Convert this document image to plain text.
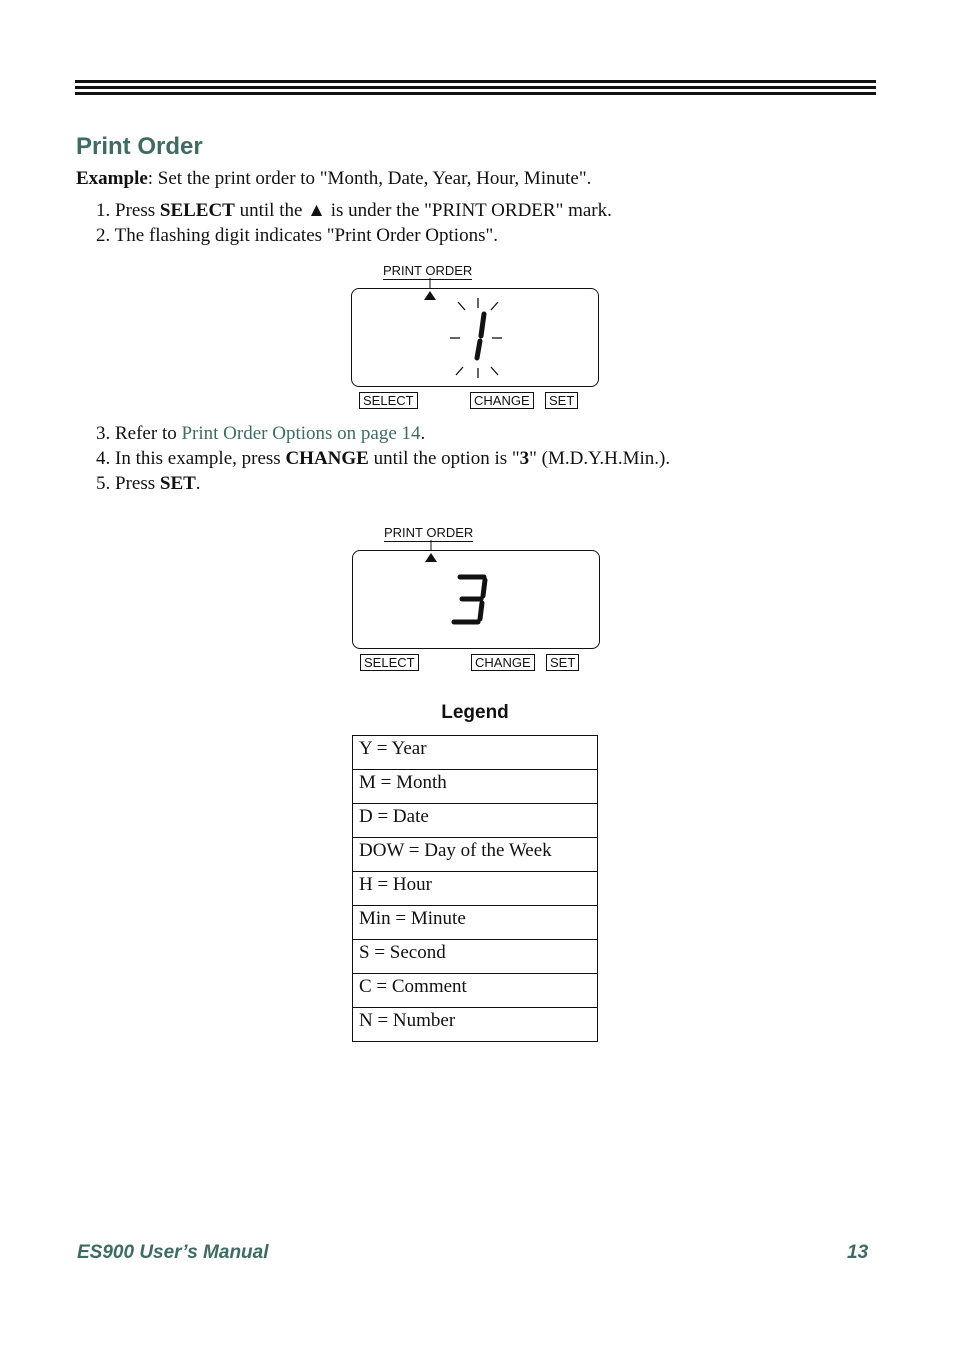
Print Order
Example: Set the print order to "Month, Date, Year, Hour, Minute".
1. Press SELECT until the ▲ is under the "PRINT ORDER" mark.
2. The flashing digit indicates "Print Order Options".
PRINT ORDER
SELECT	CHANGE	SET
3. Refer to Print Order Options on page 14.
4. In this example, press CHANGE until the option is "3" (M.D.Y.H.Min.).
5. Press SET.
PRINT ORDER
SELECT	CHANGE	SET
Legend
Y = Year
M = Month
D = Date
DOW = Day of the Week
H = Hour
Min = Minute
S = Second
C = Comment
N = Number
ES900 User’s Manual	13
